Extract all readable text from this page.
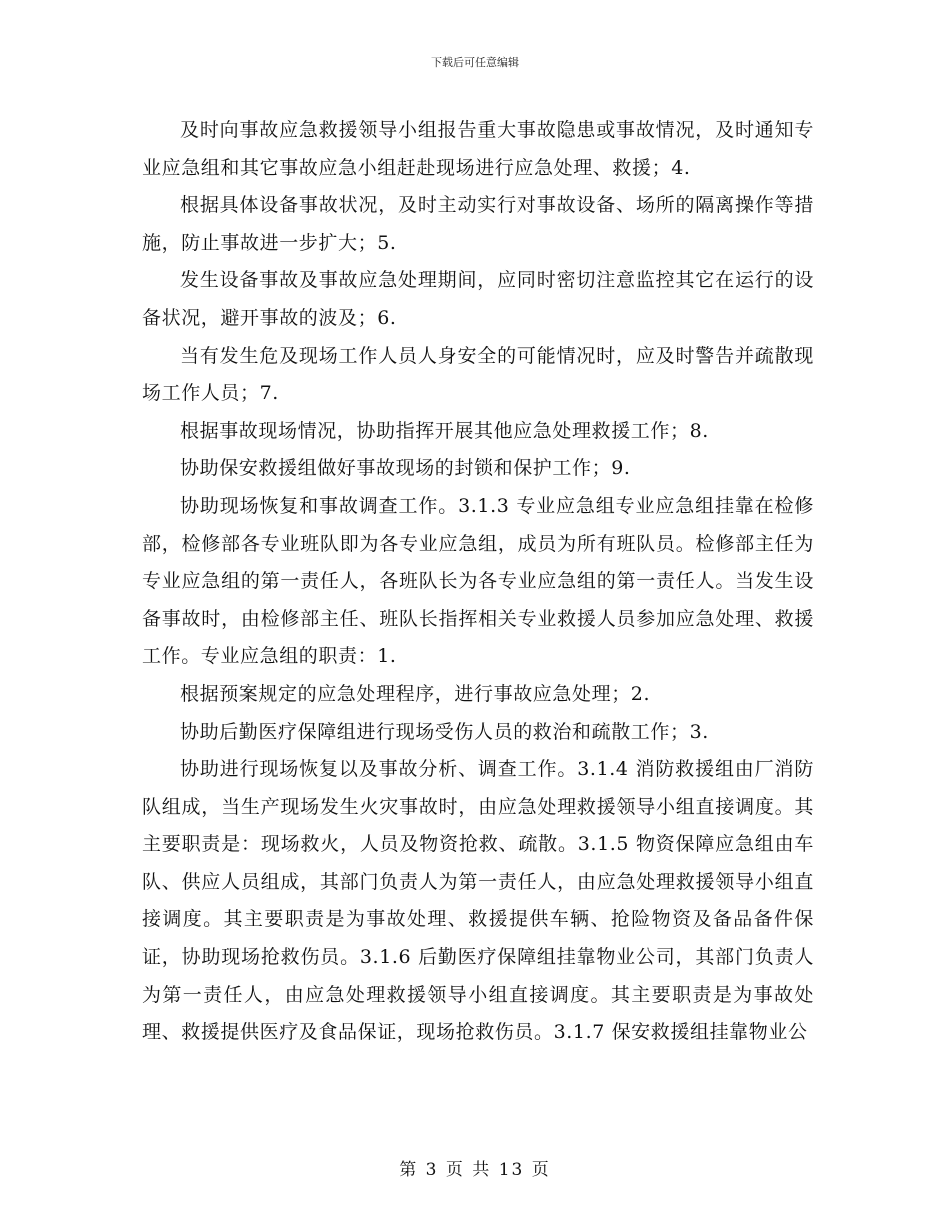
下载后可任意编辑

及时向事故应急救援领导小组报告重大事故隐患或事故情况，及时通知专业应急组和其它事故应急小组赶赴现场进行应急处理、救援；4.

根据具体设备事故状况，及时主动实行对事故设备、场所的隔离操作等措施，防止事故进一步扩大；5.

发生设备事故及事故应急处理期间，应同时密切注意监控其它在运行的设备状况，避开事故的波及；6.

当有发生危及现场工作人员人身安全的可能情况时，应及时警告并疏散现场工作人员；7.

根据事故现场情况，协助指挥开展其他应急处理救援工作；8.

协助保安救援组做好事故现场的封锁和保护工作；9.

协助现场恢复和事故调查工作。3.1.3 专业应急组专业应急组挂靠在检修部，检修部各专业班队即为各专业应急组，成员为所有班队员。检修部主任为专业应急组的第一责任人，各班队长为各专业应急组的第一责任人。当发生设备事故时，由检修部主任、班队长指挥相关专业救援人员参加应急处理、救援工作。专业应急组的职责：1.

根据预案规定的应急处理程序，进行事故应急处理；2.

协助后勤医疗保障组进行现场受伤人员的救治和疏散工作；3.

协助进行现场恢复以及事故分析、调查工作。3.1.4 消防救援组由厂消防队组成，当生产现场发生火灾事故时，由应急处理救援领导小组直接调度。其主要职责是：现场救火，人员及物资抢救、疏散。3.1.5 物资保障应急组由车队、供应人员组成，其部门负责人为第一责任人，由应急处理救援领导小组直接调度。其主要职责是为事故处理、救援提供车辆、抢险物资及备品备件保证，协助现场抢救伤员。3.1.6 后勤医疗保障组挂靠物业公司，其部门负责人为第一责任人，由应急处理救援领导小组直接调度。其主要职责是为事故处理、救援提供医疗及食品保证，现场抢救伤员。3.1.7 保安救援组挂靠物业公

第 3 页 共 13 页
